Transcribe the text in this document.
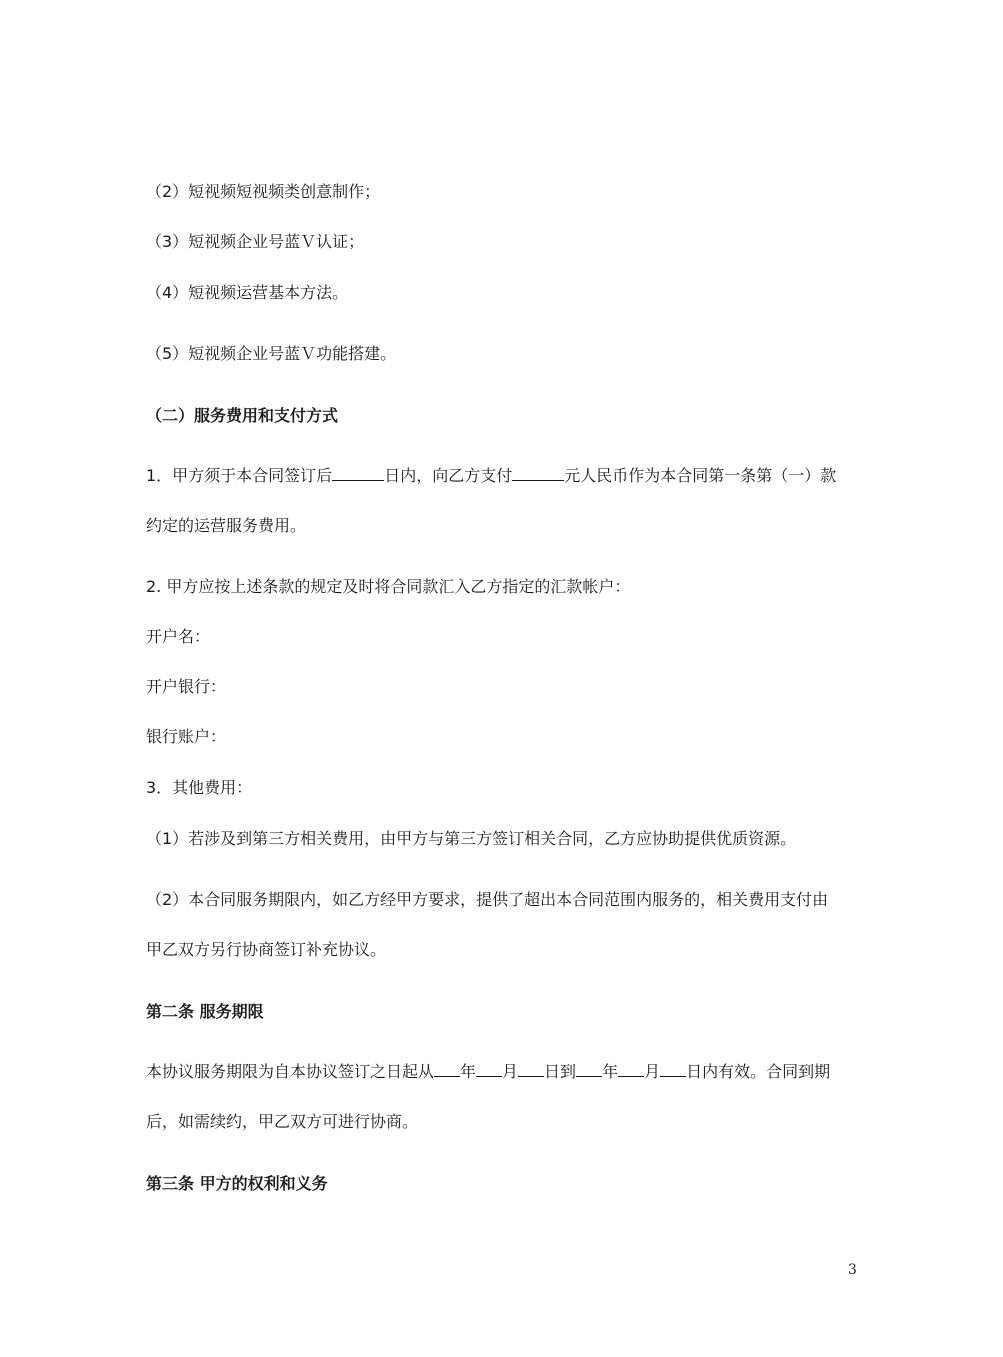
（2）短视频短视频类创意制作；
（3）短视频企业号蓝Ｖ认证；
（4）短视频运营基本方法。
（5）短视频企业号蓝Ｖ功能搭建。
（二）服务费用和支付方式
1．甲方须于本合同签订后	日内，向乙方支付	元人民币作为本合同第一条第（一）款
约定的运营服务费用。
2. 甲方应按上述条款的规定及时将合同款汇入乙方指定的汇款帐户：
开户名：
开户银行：
银行账户：
3．其他费用：
（1）若涉及到第三方相关费用，由甲方与第三方签订相关合同，乙方应协助提供优质资源。
（2）本合同服务期限内，如乙方经甲方要求，提供了超出本合同范围内服务的，相关费用支付由
甲乙双方另行协商签订补充协议。
第二条 服务期限
本协议服务期限为自本协议签订之日起从 年 月 日到 年 月 日内有效。合同到期
后，如需续约，甲乙双方可进行协商。
第三条 甲方的权利和义务
3
